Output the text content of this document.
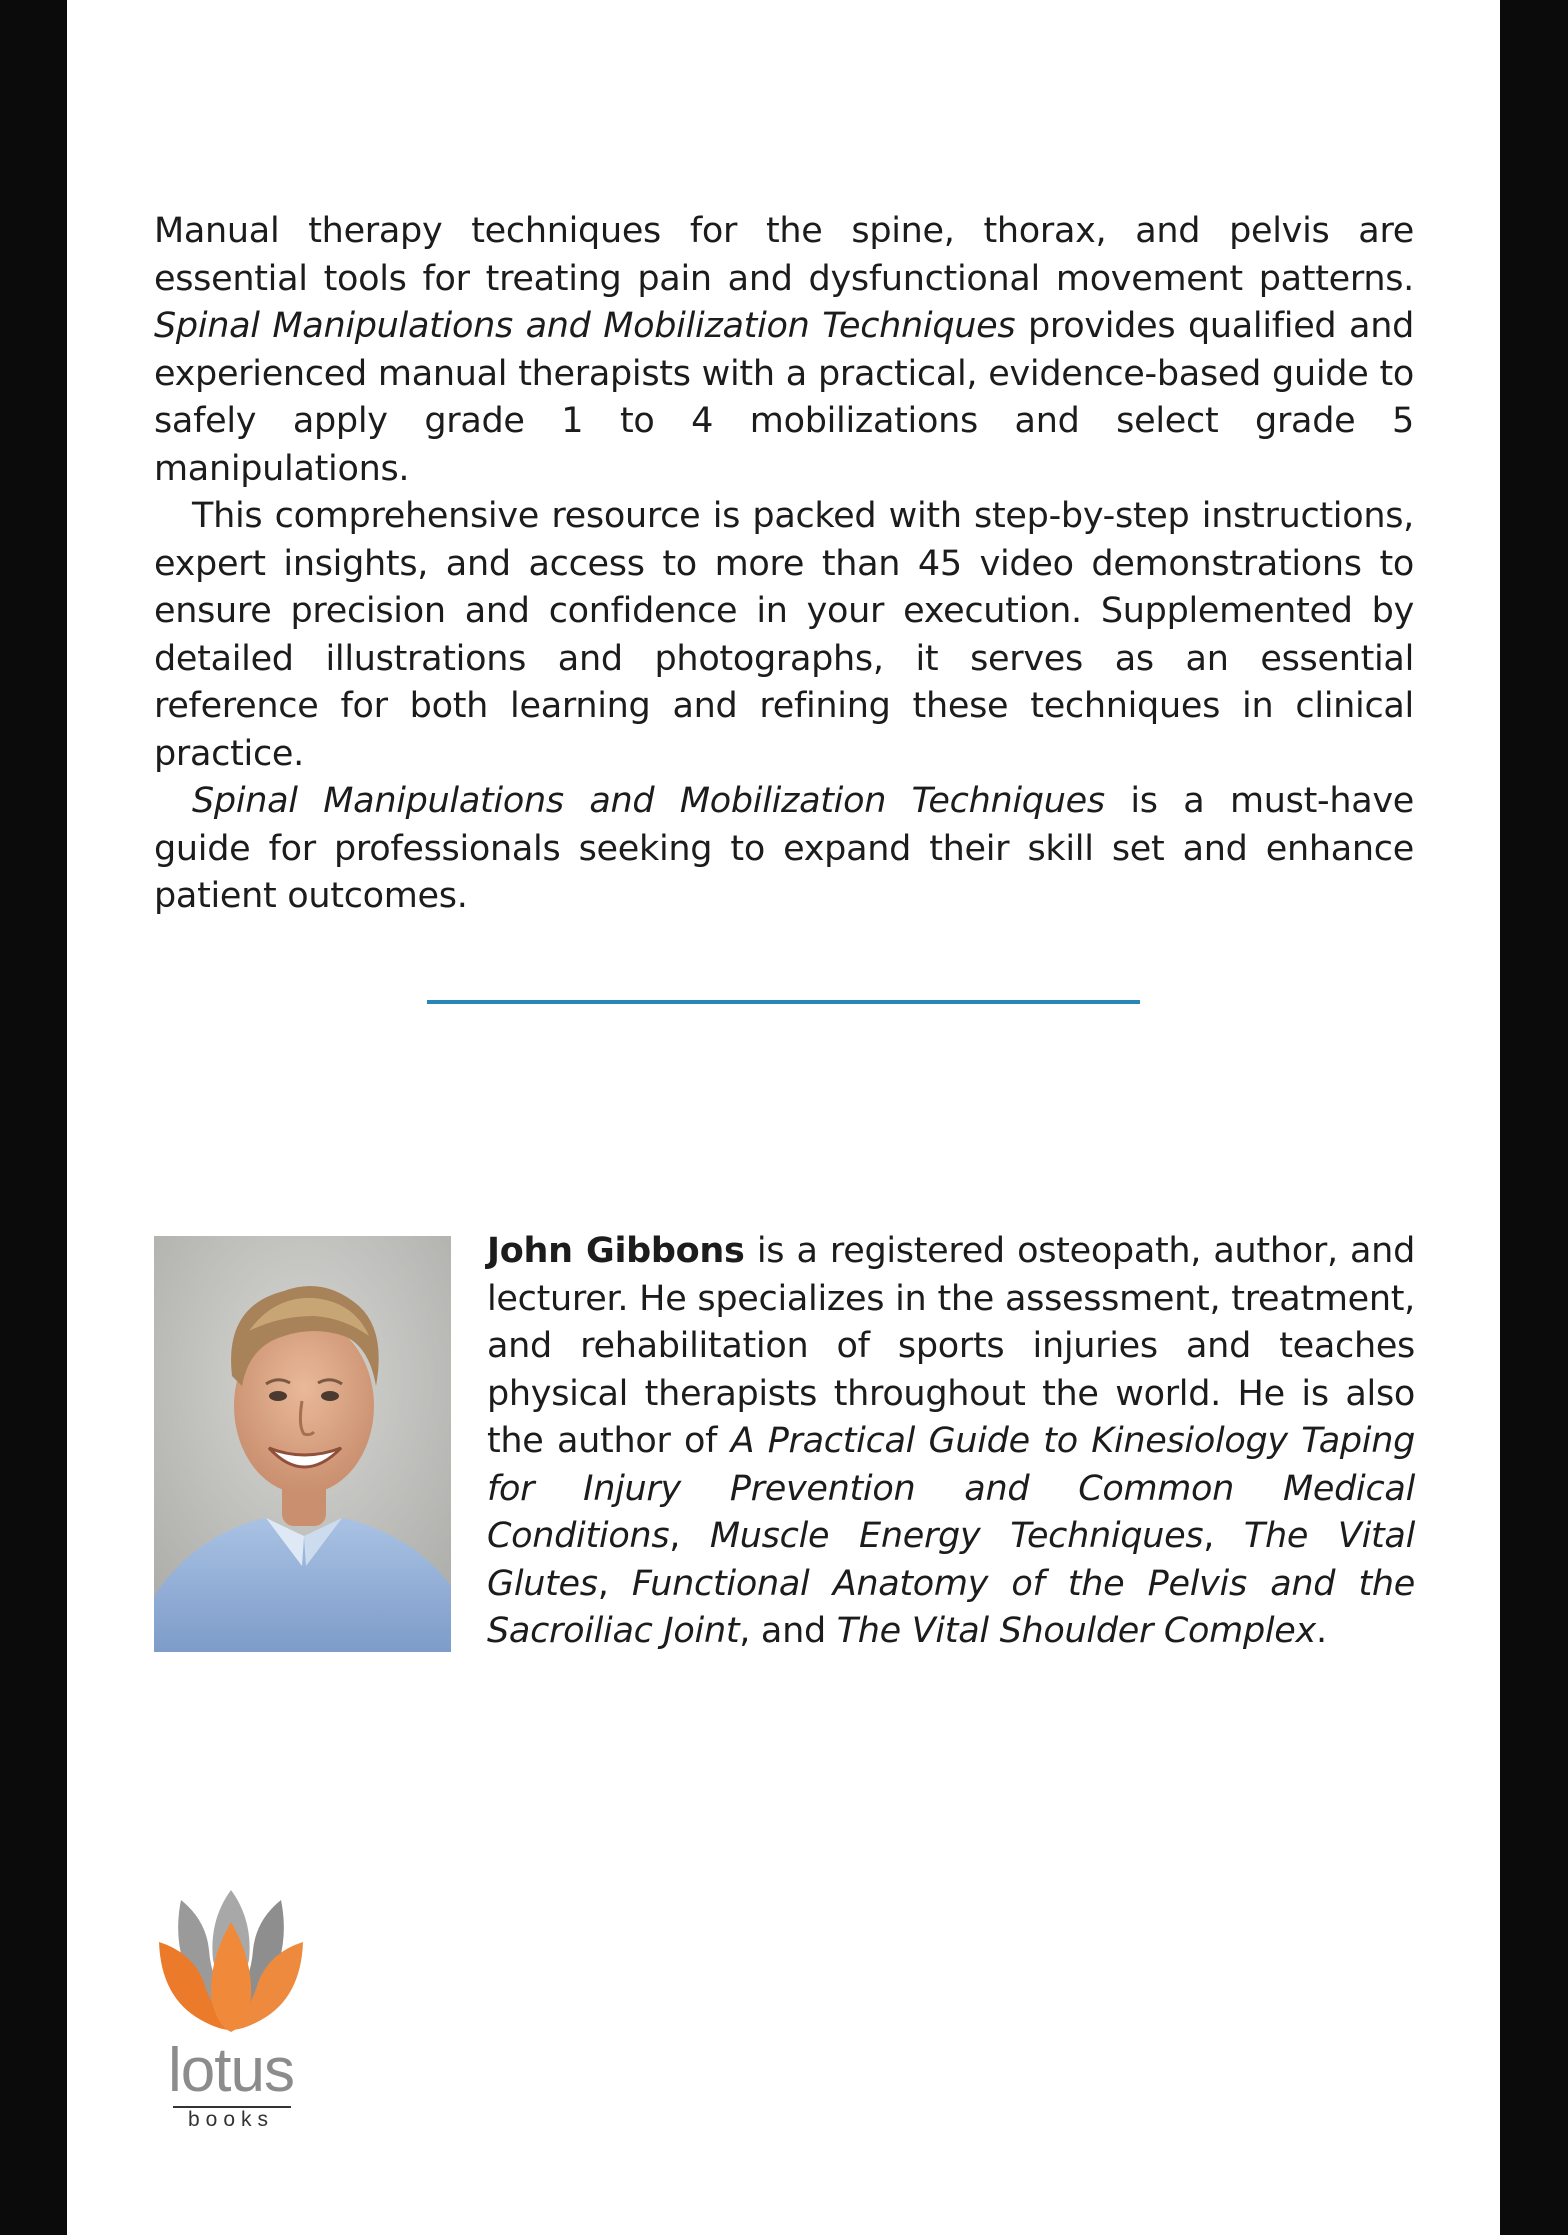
Manual therapy techniques for the spine, thorax, and pelvis are essential tools for treating pain and dysfunctional movement patterns. Spinal Manipulations and Mobilization Techniques provides qualified and experienced manual therapists with a practical, evidence-based guide to safely apply grade 1 to 4 mobilizations and select grade 5 manipulations.

This comprehensive resource is packed with step-by-step instructions, expert insights, and access to more than 45 video demonstrations to ensure precision and confidence in your execution. Supplemented by detailed illustrations and photographs, it serves as an essential reference for both learning and refining these techniques in clinical practice.

Spinal Manipulations and Mobilization Techniques is a must-have guide for professionals seeking to expand their skill set and enhance patient outcomes.

John Gibbons is a registered osteopath, author, and lecturer. He specializes in the assessment, treatment, and rehabilitation of sports injuries and teaches physical therapists throughout the world. He is also the author of A Practical Guide to Kinesiology Taping for Injury Prevention and Common Medical Conditions, Muscle Energy Techniques, The Vital Glutes, Functional Anatomy of the Pelvis and the Sacroiliac Joint, and The Vital Shoulder Complex.

lotus
books
